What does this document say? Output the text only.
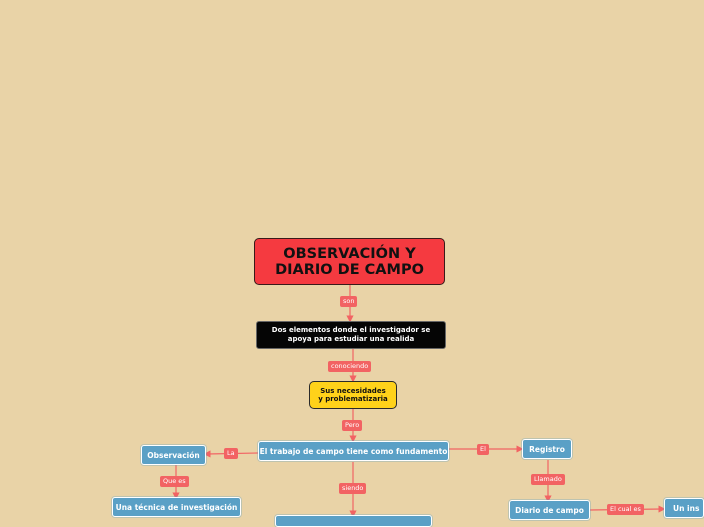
OBSERVACIÓN Y DIARIO DE CAMPO
Dos elementos donde el investigador se apoya para estudiar una realida
Sus necesidades
y problematizaria
El trabajo de campo tiene como fundamento
Observación
Una técnica de investigación
Registro
Diario de campo	Un ins
son
conociendo
Pero
La	El
Que es
siendo
Llamado
El cual es
